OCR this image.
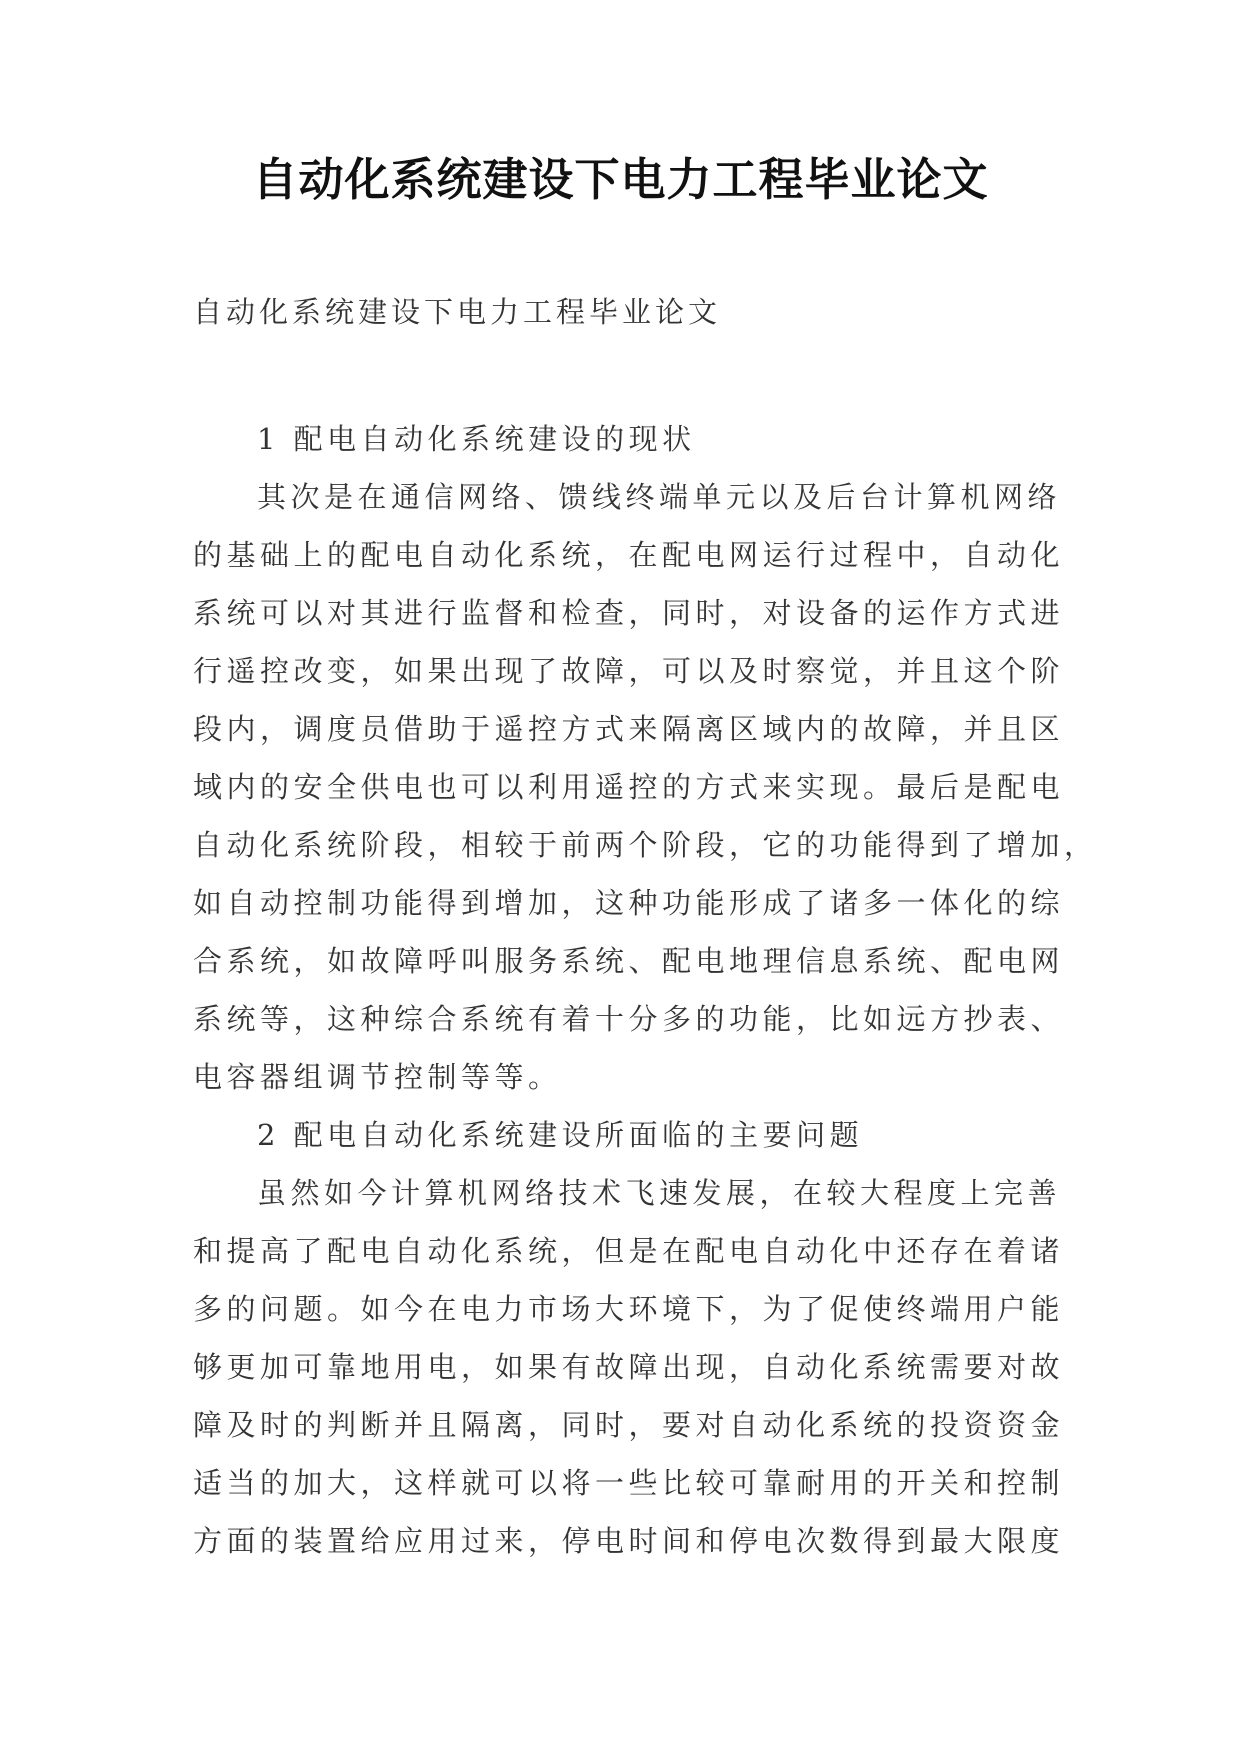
自动化系统建设下电力工程毕业论文
自动化系统建设下电力工程毕业论文
1 配电自动化系统建设的现状
其次是在通信网络、馈线终端单元以及后台计算机网络
的基础上的配电自动化系统，在配电网运行过程中，自动化
系统可以对其进行监督和检查，同时，对设备的运作方式进
行遥控改变，如果出现了故障，可以及时察觉，并且这个阶
段内，调度员借助于遥控方式来隔离区域内的故障，并且区
域内的安全供电也可以利用遥控的方式来实现。最后是配电
自动化系统阶段，相较于前两个阶段，它的功能得到了增加，
如自动控制功能得到增加，这种功能形成了诸多一体化的综
合系统，如故障呼叫服务系统、配电地理信息系统、配电网
系统等，这种综合系统有着十分多的功能，比如远方抄表、
电容器组调节控制等等。
2 配电自动化系统建设所面临的主要问题
虽然如今计算机网络技术飞速发展，在较大程度上完善
和提高了配电自动化系统，但是在配电自动化中还存在着诸
多的问题。如今在电力市场大环境下，为了促使终端用户能
够更加可靠地用电，如果有故障出现，自动化系统需要对故
障及时的判断并且隔离，同时，要对自动化系统的投资资金
适当的加大，这样就可以将一些比较可靠耐用的开关和控制
方面的装置给应用过来，停电时间和停电次数得到最大限度
